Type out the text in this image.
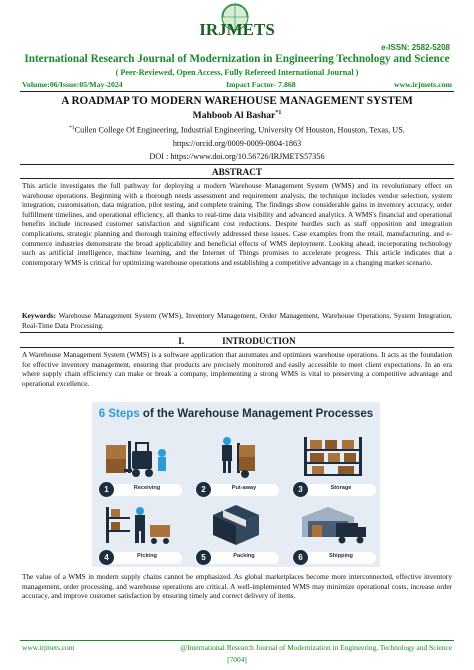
IRJMETS
e-ISSN: 2582-5208
International Research Journal of Modernization in Engineering Technology and Science
( Peer-Reviewed, Open Access, Fully Refereed International Journal )
Volume:06/Issue:05/May-2024	Impact Factor- 7.868	www.irjmets.com
A ROADMAP TO MODERN WAREHOUSE MANAGEMENT SYSTEM
Mahboob Al Bashar$^{*1}$
$^{*1}$Cullen College Of Engineering, Industrial Engineering, University Of Houston, Houston, Texas, US.
https://orcid.org/0009-0009-0804-1863
DOI : https://www.doi.org/10.56726/IRJMETS57356
ABSTRACT
This article investigates the full pathway for deploying a modern Warehouse Management System (WMS) and its revolutionary effect on warehouse operations. Beginning with a thorough needs assessment and requirement analysis, the technique includes vendor selection, system integration, customisation, data migration, pilot testing, and complete training. The findings show considerable gains in inventory accuracy, order fulfillment timelines, and operational efficiency, all thanks to real-time data visibility and advanced analytics. A WMS's financial and operational benefits include increased customer satisfaction and significant cost reductions. Despite hurdles such as staff opposition and integration complications, strategic planning and thorough training effectively addressed these issues. Case examples from the retail, manufacturing, and e-commerce industries demonstrate the broad applicability and beneficial effects of WMS deployment. Looking ahead, incorporating technology such as artificial intelligence, machine learning, and the Internet of Things promises to accelerate progress. This article indicates that a contemporary WMS is critical for optimizing warehouse operations and establishing a competitive advantage in a changing market scenario.
Keywords: Warehouse Management System (WMS), Inventory Management, Order Management, Warehouse Operations, System Integration, Real-Time Data Processing.
I.	INTRODUCTION
A Warehouse Management System (WMS) is a software application that automates and optimizes warehouse operations. It acts as the foundation for effective inventory management, ensuring that products are precisely monitored and easily accessible to meet client expectations. In an era where supply chain efficiency can make or break a company, implementing a strong WMS is vital to preserving a competitive advantage and operational excellence.
6 Steps of the Warehouse Management Processes
1	Receiving	2	Put-away	3	Storage
4	Picking	5	Packing	6	Shipping
The value of a WMS in modern supply chains cannot be emphasized. As global marketplaces become more interconnected, effective inventory management, order processing, and warehouse operations are critical. A well-implemented WMS may minimize operational costs, increase order accuracy, and improve customer satisfaction by ensuring timely and correct delivery of items.
www.irjmets.com	@International Research Journal of Modernization in Engineering, Technology and Science
[7004]
